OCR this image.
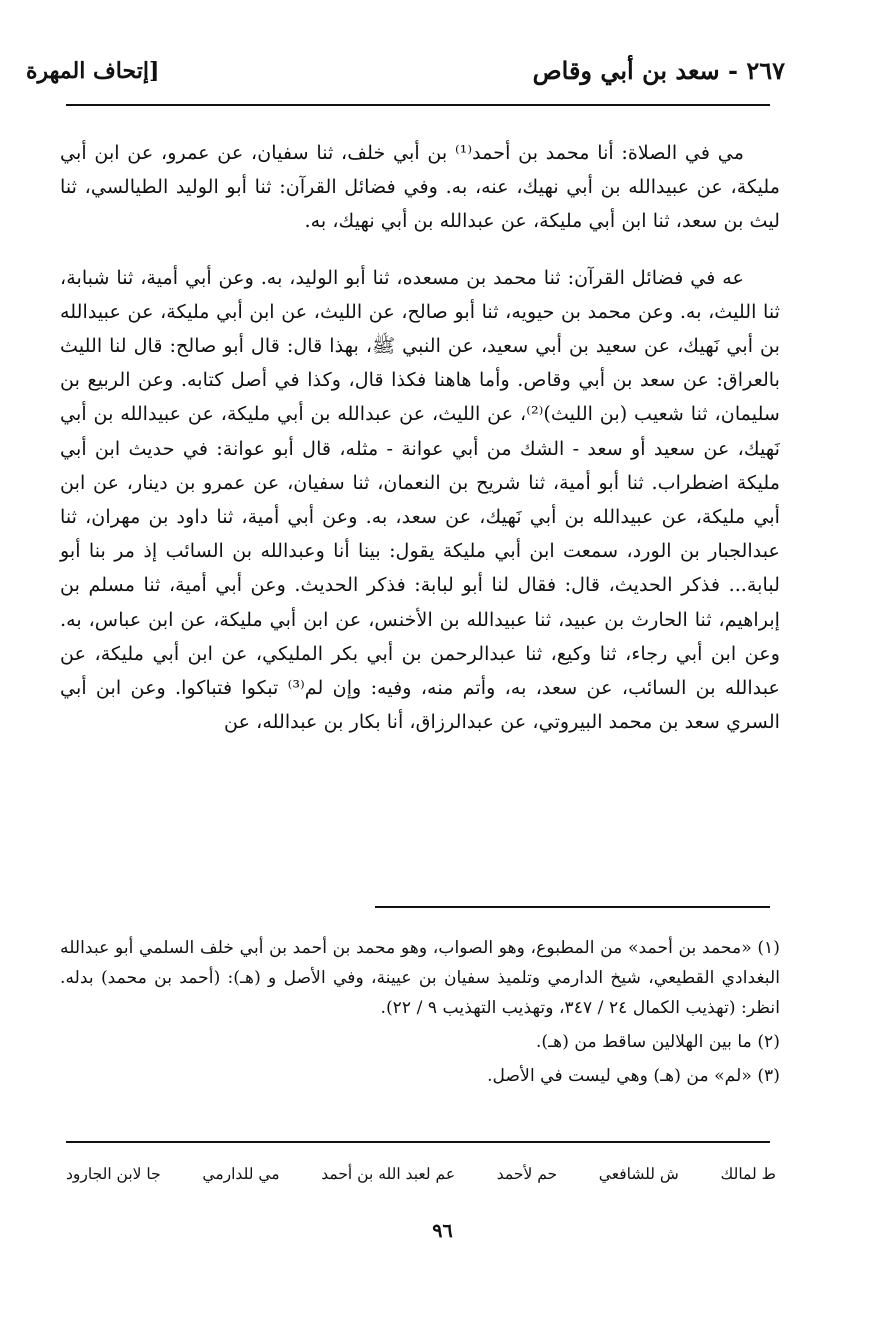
٢٦٧ - سعد بن أبي وقاص
[إتحاف المهرة

مي في الصلاة: أنا محمد بن أحمد⁽¹⁾ بن أبي خلف، ثنا سفيان، عن عمرو، عن ابن أبي مليكة، عن عبيدالله بن أبي نهيك، عنه، به. وفي فضائل القرآن: ثنا أبو الوليد الطيالسي، ثنا ليث بن سعد، ثنا ابن أبي مليكة، عن عبدالله بن أبي نهيك، به.

عه في فضائل القرآن: ثنا محمد بن مسعده، ثنا أبو الوليد، به. وعن أبي أمية، ثنا شبابة، ثنا الليث، به. وعن محمد بن حيويه، ثنا أبو صالح، عن الليث، عن ابن أبي مليكة، عن عبيدالله بن أبي نَهيك، عن سعيد بن أبي سعيد، عن النبي ﷺ، بهذا قال: قال أبو صالح: قال لنا الليث بالعراق: عن سعد بن أبي وقاص. وأما هاهنا فكذا قال، وكذا في أصل كتابه. وعن الربيع بن سليمان، ثنا شعيب (بن الليث)⁽²⁾، عن الليث، عن عبدالله بن أبي مليكة، عن عبيدالله بن أبي نَهيك، عن سعيد أو سعد - الشك من أبي عوانة - مثله، قال أبو عوانة: في حديث ابن أبي مليكة اضطراب. ثنا أبو أمية، ثنا شريح بن النعمان، ثنا سفيان، عن عمرو بن دينار، عن ابن أبي مليكة، عن عبيدالله بن أبي نَهيك، عن سعد، به. وعن أبي أمية، ثنا داود بن مهران، ثنا عبدالجبار بن الورد، سمعت ابن أبي مليكة يقول: بينا أنا وعبدالله بن السائب إذ مر بنا أبو لبابة... فذكر الحديث، قال: فقال لنا أبو لبابة: فذكر الحديث. وعن أبي أمية، ثنا مسلم بن إبراهيم، ثنا الحارث بن عبيد، ثنا عبيدالله بن الأخنس، عن ابن أبي مليكة، عن ابن عباس، به. وعن ابن أبي رجاء، ثنا وكيع، ثنا عبدالرحمن بن أبي بكر المليكي، عن ابن أبي مليكة، عن عبدالله بن السائب، عن سعد، به، وأتم منه، وفيه: وإن لم⁽³⁾ تبكوا فتباكوا. وعن ابن أبي السري سعد بن محمد البيروتي، عن عبدالرزاق، أنا بكار بن عبدالله، عن

(١) «محمد بن أحمد» من المطبوع، وهو الصواب، وهو محمد بن أحمد بن أبي خلف السلمي أبو عبدالله البغدادي القطيعي، شيخ الدارمي وتلميذ سفيان بن عيينة، وفي الأصل و (هـ): (أحمد بن محمد) بدله. انظر: (تهذيب الكمال ٢٤ / ٣٤٧، وتهذيب التهذيب ٩ / ٢٢).

(٢) ما بين الهلالين ساقط من (هـ).

(٣) «لم» من (هـ) وهي ليست في الأصل.

ط لمالك
ش للشافعي
حم لأحمد
عم لعبد الله بن أحمد
مي للدارمي
جا لابن الجارود
٩٦
